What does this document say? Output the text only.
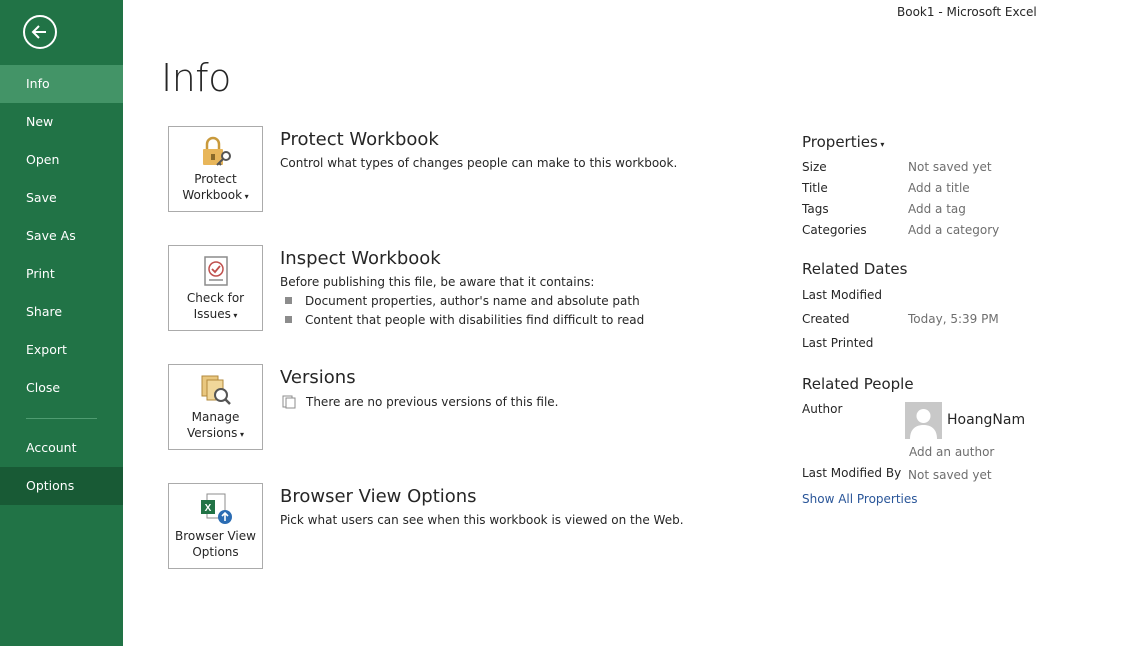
Info
New
Open
Save
Save As
Print
Share
Export
Close
Account
Options
Book1 - Microsoft Excel
Info
Protect
Workbook ▾
Protect Workbook
Control what types of changes people can make to this workbook.
Check for
Issues ▾
Inspect Workbook
Before publishing this file, be aware that it contains:
Document properties, author's name and absolute path
Content that people with disabilities find difficult to read
Manage
Versions ▾
Versions
There are no previous versions of this file.
X
Browser View
Options
Browser View Options
Pick what users can see when this workbook is viewed on the Web.
Properties ▾
Size	Not saved yet
Title	Add a title
Tags	Add a tag
Categories	Add a category
Related Dates
Last Modified
Created	Today, 5:39 PM
Last Printed
Related People
Author
HoangNam
Add an author
Last Modified By Not saved yet
Show All Properties
